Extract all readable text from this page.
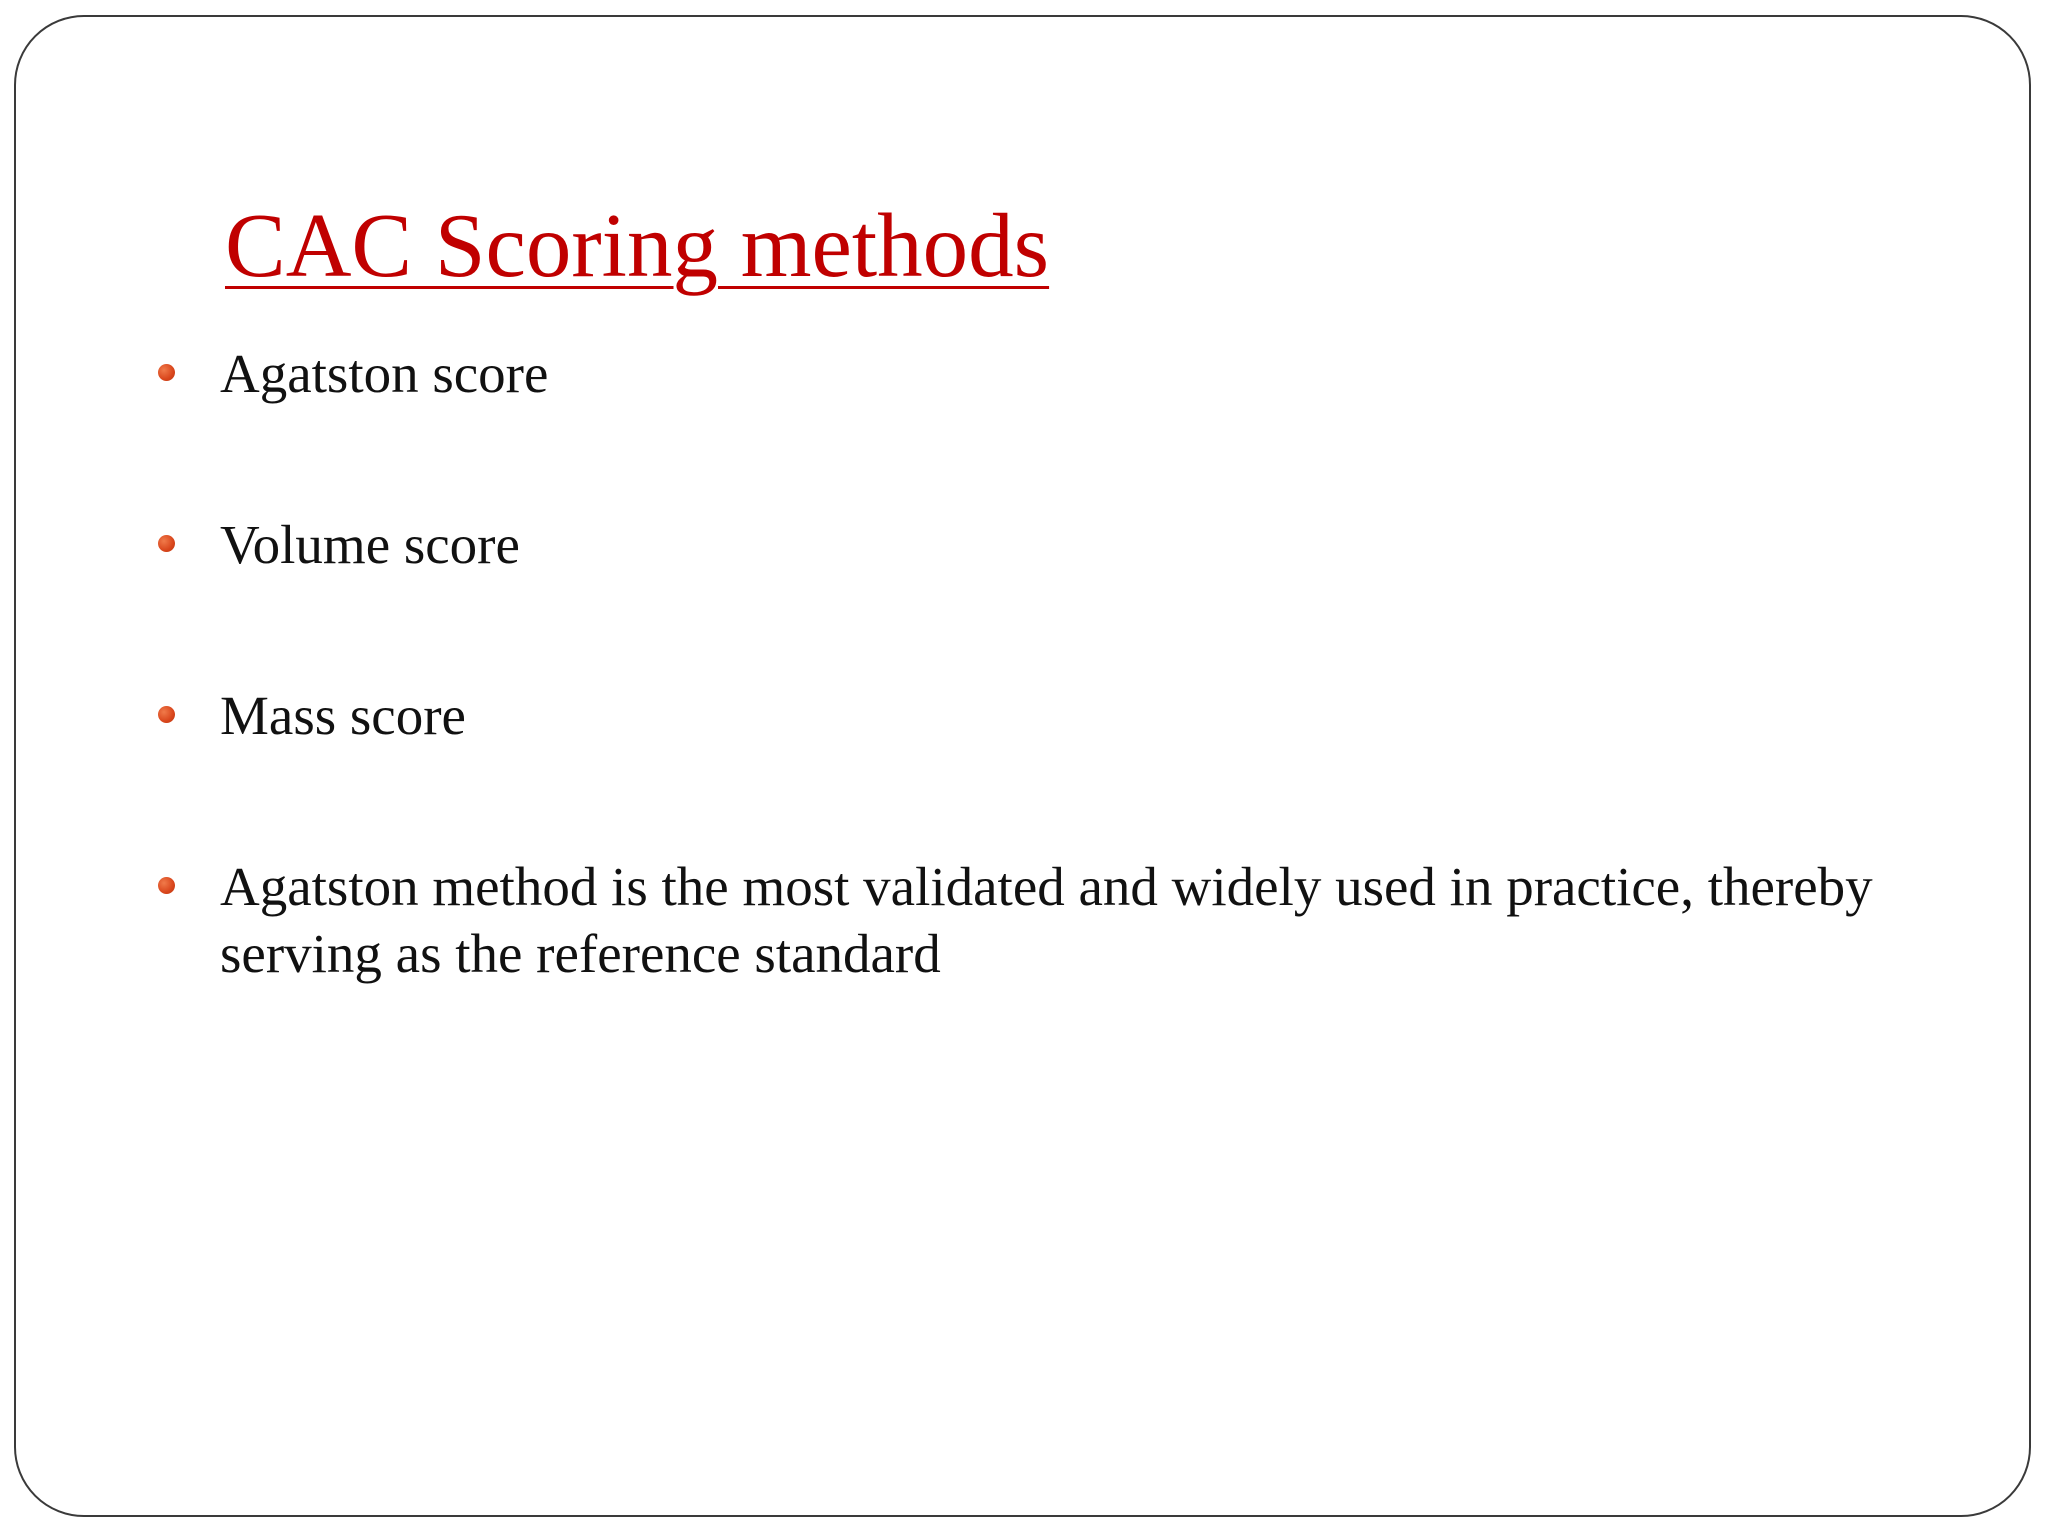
CAC Scoring methods
Agatston score
Volume score
Mass score
Agatston method is the most validated and widely used in practice, thereby serving as the reference standard
